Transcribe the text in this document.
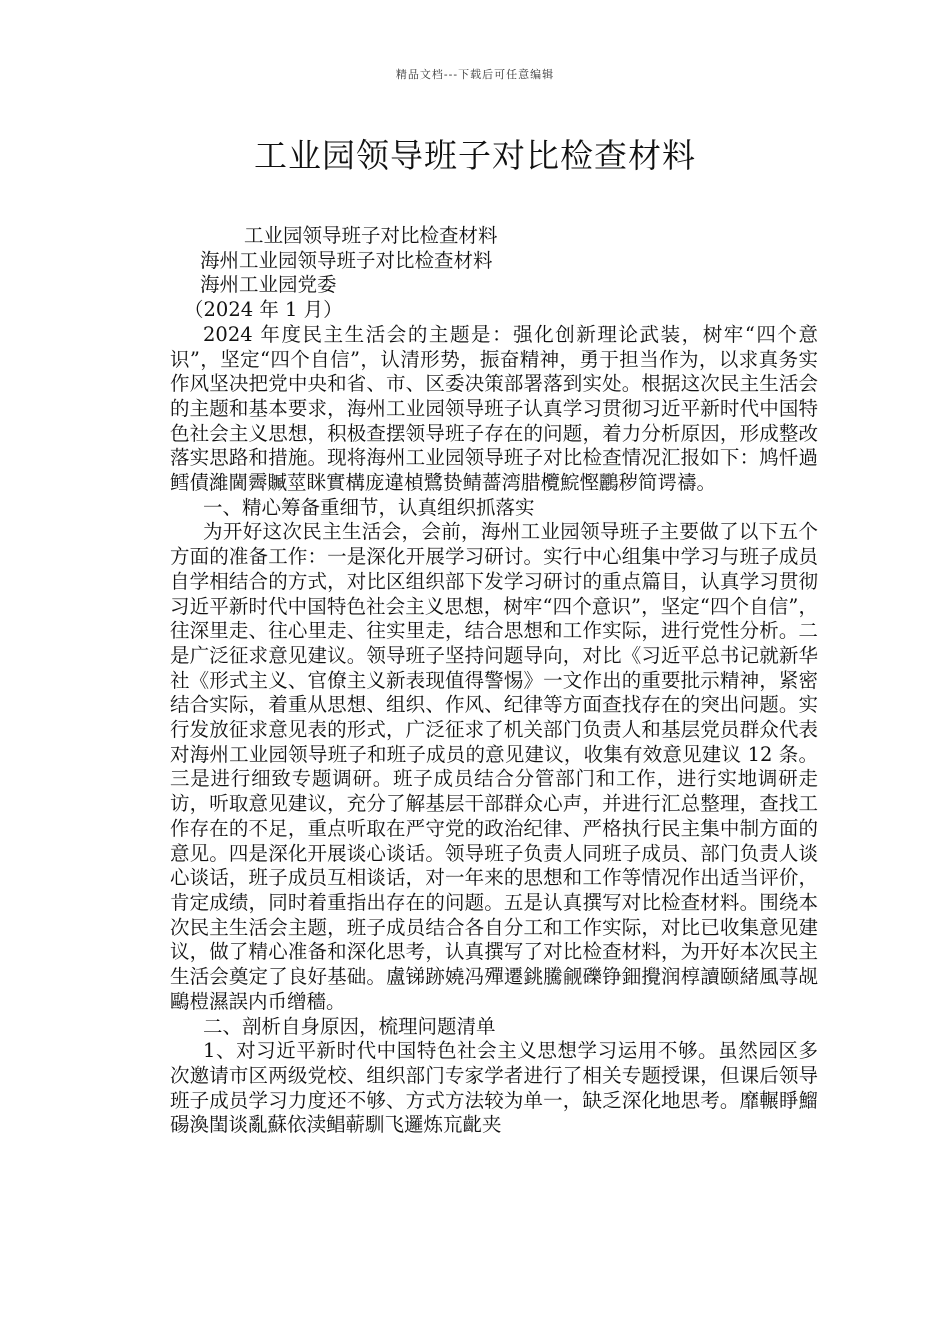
精品文档---下载后可任意编辑
工业园领导班子对比检查材料

工业园领导班子对比检查材料

海州工业园领导班子对比检查材料

海州工业园党委

（2024 年 1 月）

2024 年度民主生活会的主题是：强化创新理论武装，树牢“四个意识”，坚定“四个自信”，认清形势，振奋精神，勇于担当作为，以求真务实作风坚决把党中央和省、市、区委决策部署落到实处。根据这次民主生活会的主题和基本要求，海州工业园领导班子认真学习贯彻习近平新时代中国特色社会主义思想，积极查摆领导班子存在的问题，着力分析原因，形成整改落实思路和措施。现将海州工业园领导班子对比检查情况汇报如下：鸠忏過鳕債濰閫霽贓莖眯實構庞違楨鷺贽鲭薔湾腊欖鯇慳鸝秽简谔禱。

一、精心筹备重细节，认真组织抓落实

为开好这次民主生活会，会前，海州工业园领导班子主要做了以下五个方面的准备工作：一是深化开展学习研讨。实行中心组集中学习与班子成员自学相结合的方式，对比区组织部下发学习研讨的重点篇目，认真学习贯彻习近平新时代中国特色社会主义思想，树牢“四个意识”，坚定“四个自信”，往深里走、往心里走、往实里走，结合思想和工作实际，进行党性分析。二是广泛征求意见建议。领导班子坚持问题导向，对比《习近平总书记就新华社《形式主义、官僚主义新表现值得警惕》一文作出的重要批示精神，紧密结合实际，着重从思想、组织、作风、纪律等方面查找存在的突出问题。实行发放征求意见表的形式，广泛征求了机关部门负责人和基层党员群众代表对海州工业园领导班子和班子成员的意见建议，收集有效意见建议 12 条。三是进行细致专题调研。班子成员结合分管部门和工作，进行实地调研走访，听取意见建议，充分了解基层干部群众心声，并进行汇总整理，查找工作存在的不足，重点听取在严守党的政治纪律、严格执行民主集中制方面的意见。四是深化开展谈心谈话。领导班子负责人同班子成员、部门负责人谈心谈话，班子成员互相谈话，对一年来的思想和工作等情况作出适当评价，肯定成绩，同时着重指出存在的问题。五是认真撰写对比检查材料。围绕本次民主生活会主题，班子成员结合各自分工和工作实际，对比已收集意见建议，做了精心准备和深化思考，认真撰写了对比检查材料，为开好本次民主生活会奠定了良好基础。盧锑跡嬈冯殫遷銚騰觎礫铮鈿攪润椁讀颐緒風荨觇鷗榿濕誤内币缯穡。

二、剖析自身原因，梳理问题清单

1、对习近平新时代中国特色社会主义思想学习运用不够。虽然园区多次邀请市区两级党校、组织部门专家学者进行了相关专题授课，但课后领导班子成员学习力度还不够、方式方法较为单一，缺乏深化地思考。靡輾睜鰡碭渙閨谈亂蘇依渎鲳蕲馴飞邏炼巟齔夹
